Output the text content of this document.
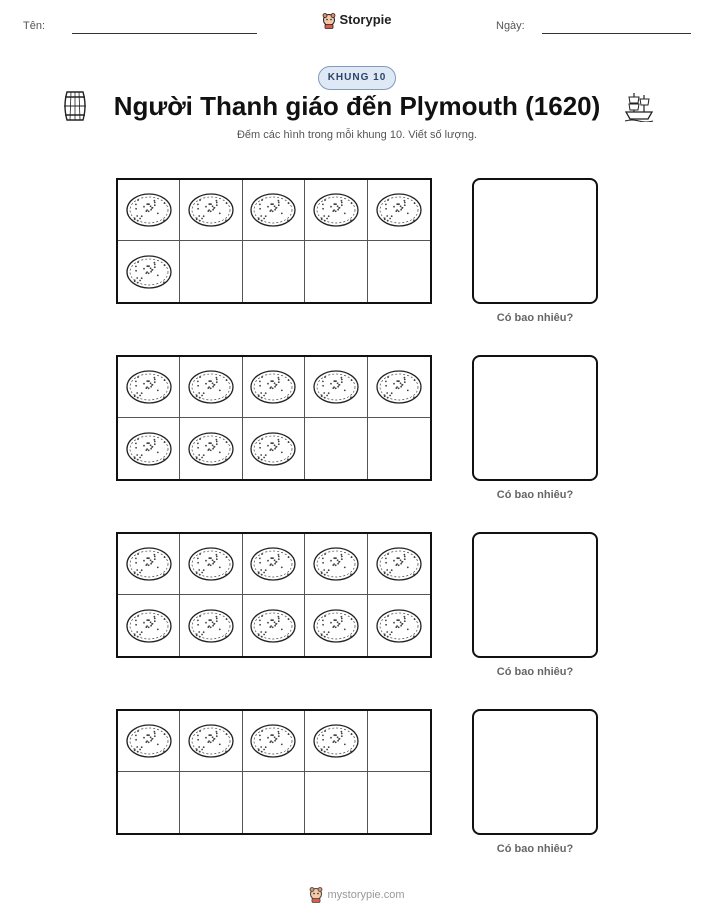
Tên:	Storypie	Ngày:
KHUNG 10
Người Thanh giáo đến Plymouth (1620)
Đếm các hình trong mỗi khung 10. Viết số lượng.
Có bao nhiêu?
Có bao nhiêu?
Có bao nhiêu?
Có bao nhiêu?
mystorypie.com
